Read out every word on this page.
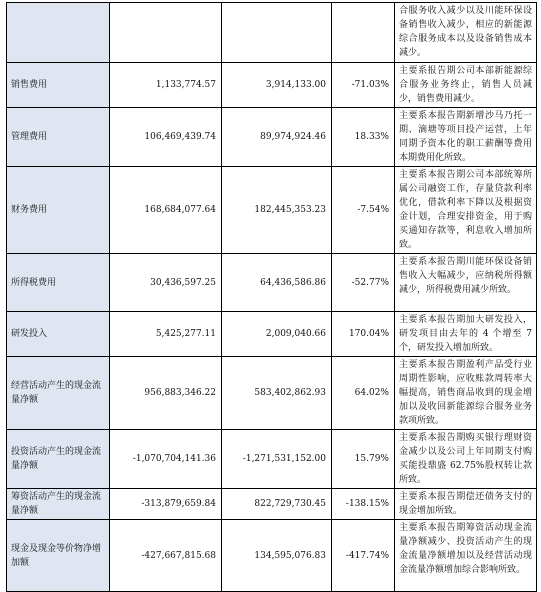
				合服务收入减少以及川能环保设备销售收入减少，相应的新能源综合服务成本以及设备销售成本减少。
销售费用	1,133,774.57	3,914,133.00	-71.03%	主要系报告期公司本部新能源综合服务业务终止，销售人员减少，销售费用减少。
管理费用	106,469,439.74	89,974,924.46	18.33%	主要系本报告期新增沙马乃托一期、滴塘等项目投产运营，上年同期予资本化的职工薪酬等费用本期费用化所致。
财务费用	168,684,077.64	182,445,353.23	-7.54%	主要系本报告期公司本部统筹所属公司融资工作，存量贷款利率优化，借款利率下降以及根据资金计划，合理安排资金，用于购买通知存款等，利息收入增加所致。
所得税费用	30,436,597.25	64,436,586.86	-52.77%	主要系本报告期川能环保设备销售收入大幅减少，应纳税所得额减少，所得税费用减少所致。
研发投入	5,425,277.11	2,009,040.66	170.04%	主要系本报告期加大研发投入，研发项目由去年的 4 个增至 7 个，研发投入增加所致。
经营活动产生的现金流量净额	956,883,346.22	583,402,862.93	64.02%	主要系本报告期盈利产品受行业周期性影响，应收账款周转率大幅提高，销售商品收到的现金增加以及收回新能源综合服务业务款项所致。
投资活动产生的现金流量净额	-1,070,704,141.36	-1,271,531,152.00	15.79%	主要系本报告期购买银行理财资金减少以及公司上年同期支付购买能投鼎盛 62.75%股权转让款所致。
筹资活动产生的现金流量净额	-313,879,659.84	822,729,730.45	-138.15%	主要系本报告期偿还债务支付的现金增加所致。
现金及现金等价物净增加额	-427,667,815.68	134,595,076.83	-417.74%	主要系本报告期筹资活动现金流量净额减少、投资活动产生的现金流量净额增加以及经营活动现金流量净额增加综合影响所致。
